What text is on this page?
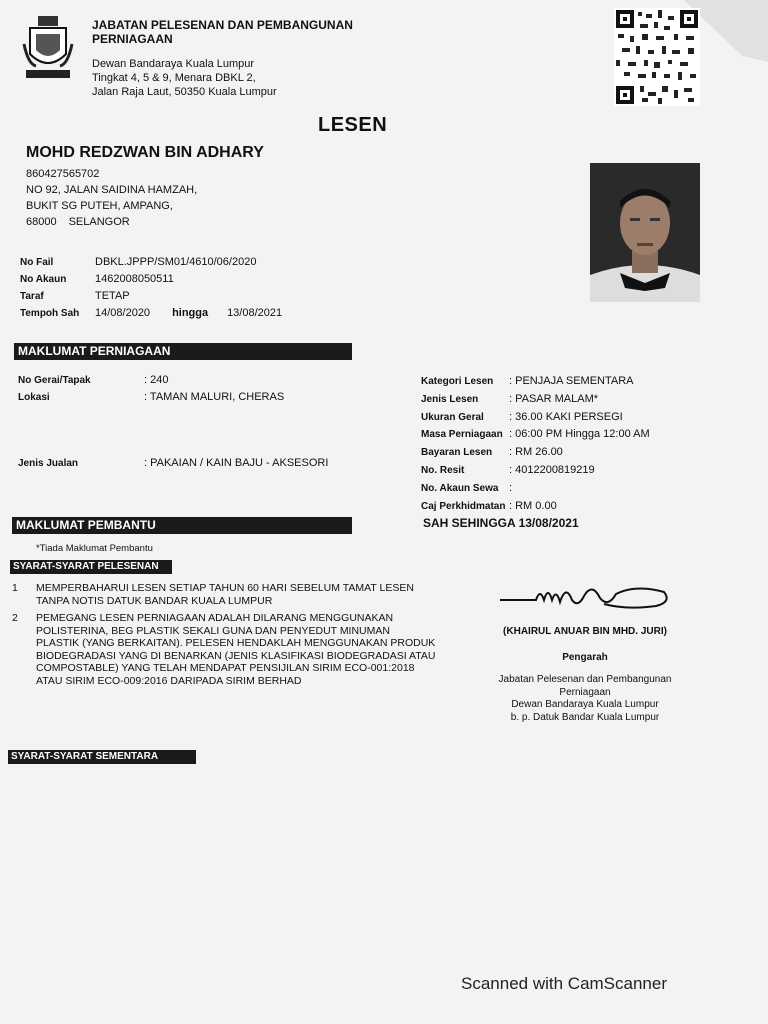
JABATAN PELESENAN DAN PEMBANGUNAN
PERNIAGAAN
Dewan Bandaraya Kuala Lumpur
Tingkat 4, 5 & 9, Menara DBKL 2,
Jalan Raja Laut, 50350 Kuala Lumpur
LESEN
MOHD REDZWAN BIN ADHARY
860427565702
NO 92, JALAN SAIDINA HAMZAH,
BUKIT SG PUTEH, AMPANG,
68000 SELANGOR
No Fail	DBKL.JPPP/SM01/4610/06/2020
No Akaun	1462008050511
Taraf	TETAP
Tempoh Sah 14/08/2020 hingga 13/08/2021
MAKLUMAT PERNIAGAAN
No Gerai/Tapak	: 240
Lokasi	: TAMAN MALURI, CHERAS
Jenis Jualan	: PAKAIAN / KAIN BAJU - AKSESORI
Kategori Lesen : PENJAJA SEMENTARA
Jenis Lesen	: PASAR MALAM*
Ukuran Geral : 36.00 KAKI PERSEGI
Masa Perniagaan : 06:00 PM Hingga 12:00 AM
Bayaran Lesen : RM 26.00
No. Resit	: 4012200819219
No. Akaun Sewa :
Caj Perkhidmatan : RM 0.00
SAH SEHINGGA 13/08/2021
MAKLUMAT PEMBANTU
*Tiada Maklumat Pembantu
SYARAT-SYARAT PELESENAN
1 MEMPERBAHARUI LESEN SETIAP TAHUN 60 HARI SEBELUM TAMAT LESEN TANPA NOTIS DATUK BANDAR KUALA LUMPUR
2 PEMEGANG LESEN PERNIAGAAN ADALAH DILARANG MENGGUNAKAN POLISTERINA, BEG PLASTIK SEKALI GUNA DAN PENYEDUT MINUMAN PLASTIK (YANG BERKAITAN). PELESEN HENDAKLAH MENGGUNAKAN PRODUK BIODEGRADASI YANG DI BENARKAN (JENIS KLASIFIKASI BIODEGRADASI ATAU COMPOSTABLE) YANG TELAH MENDAPAT PENSIJILAN SIRIM ECO-001:2018 ATAU SIRIM ECO-009:2016 DARIPADA SIRIM BERHAD
SYARAT-SYARAT SEMENTARA
(KHAIRUL ANUAR BIN MHD. JURI)
Pengarah
Jabatan Pelesenan dan Pembangunan
Perniagaan
Dewan Bandaraya Kuala Lumpur
b. p. Datuk Bandar Kuala Lumpur
Scanned with CamScanner
